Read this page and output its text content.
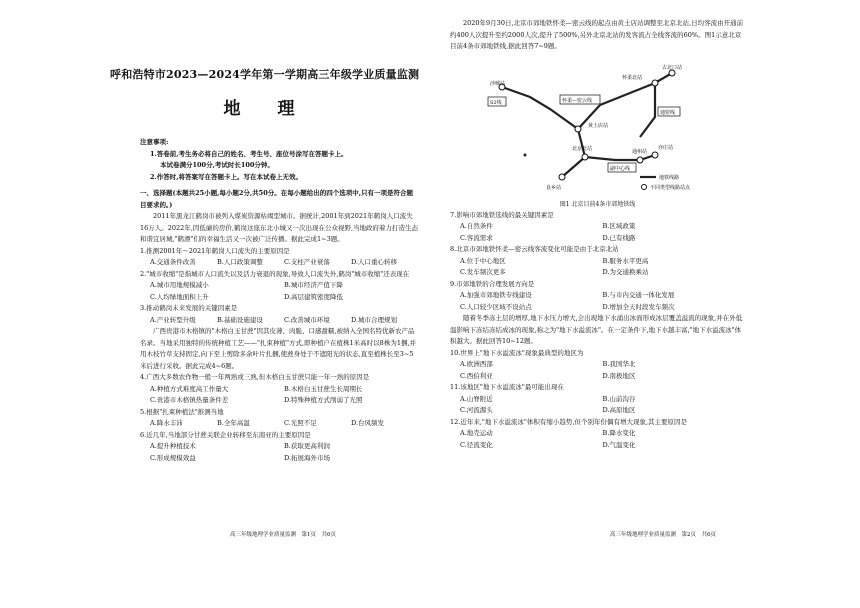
呼和浩特市2023—2024学年第一学期高三年级学业质量监测
地　理

注意事项:

1.答卷前,考生务必将自己的姓名、考生号、座位号涂写在答题卡上。

本试卷满分100分,考试时长100分钟。

2.作答时,将答案写在答题卡上。写在本试卷上无效。

一、选择题(本题共25小题,每小题2分,共50分。在每小题给出的四个选项中,只有一项是符合题目要求的。)

2011年黑龙江鹤岗市被列入煤炭资源枯竭型城市。据统计,2001年到2021年鹤岗人口流失16万人。2022年,因低廉的房价,鹤岗这座东北小城又一次出现在公众视野,当地政府着力打造生态和谐宜居城,"鹤漂"们的幸福生活又一次被广泛传播。据此完成1~3题。

1.推测2001年～2021年鹤岗人口流失的主要原因是

A.交通条件改善	B.人口政策调整	C.支柱产业衰落	D.人口重心转移

2."城市收缩"是指城市人口流失以及活力衰退的现象,导致人口流失外,鹤岗"城市收缩"还表现在

A.城市用地规模减小	B.城市经济产值下降
C.人均绿地面积上升	D.高层建筑密度降低

3.推动鹤岗未来发展的关键因素是

A.产业转型升级	B.基础设施建设	C.改善城市环境	D.城市合理规划

广西贵港市木格镇的"木格白玉甘蔗"因其皮薄、肉脆、口感甜糯,被纳入全国名特优新农产品名录。当地采用独特的传统种植工艺——"扎束种植"方式,即种植户在植株1米高时以8株为1捆,并用木枝竹草支持固定,向下至上剪除多余叶片扎捆,使蔗身处于不遮阳光的状态,直至植株长至3~5米后进行采收。据此完成4~6题。

4.广西大多数农作物一般一年两熟或三熟,但木格白玉甘蔗只能一年一熟的原因是

A.种植方式难度高工作量大	B.木格白玉甘蔗生长周期长
C.贵港市木格镇热量条件差	D.特殊种植方式削弱了光照

5.根据"扎束种植法"推测当地

A.降水丰沛	B.全年高温	C.光照不足	D.台风频发

6.近几年,当地部分甘蔗关联企业转移至东南亚的主要原因是

A.提升种植技术	B.获取更高利润
C.形成规模效益	D.拓展海外市场
高三年级地理学业质量监测　第1页　共6页

2020年9月30日,北京市郊地铁怀柔—密云线的起点由黄土店站调整至北京北站,日均客流由开通前约400人次提升至约2000人次,提升了500%,另外北京北站的发客流占全线客流的60%。图1示意北京目前4条市郊地铁线,据此回答7~9题。

沙城站
S2线	怀柔—密云线
古北口站
怀柔北站
通密线
黄土店站
北京北站	通州站
副中心线
良乡站
亦庄站
地铁线路
不同类型线路站点

图1 北京目前4条市郊地铁线

7.影响市郊地铁选线的最关键因素是

A.自然条件	B.区域政策
C.客流需求	D.已有线路

8.北京市郊地铁怀柔—密云线客流变化可能是由于北京北站

A.位于中心地区	B.服务水平更高
C.发车频次更多	D.为交通换乘站

9.市郊地铁的合理发展方向是

A.加强市郊地铁专线建设	B.与市内交通一体化发展
C.人口较少区域不设站点	D.增加全天时段发车频次

随着冬季冻土层的增厚,地下水压力增大,会出现地下水涌出冰面形成冰层覆盖溢流的现象,并在外低温影响下冻结冻结成冰的现象,称之为"地下水溢流冰"。在一定条件下,地下水越丰富,"地下水溢流冰"体积越大。据此回答10~12题。

10.世界上"地下水溢流冰"现象最典型的地区为

A.欧洲西部	B.我国华北
C.西伯利亚	D.南极地区

11.该地区"地下水溢流冰"最可能出现在

A.山脊附近	B.山前沟谷
C.河流源头	D.高原地区

12.近年来,"地下水溢流冰"体积有缩小趋势,但个别年份偶有增大现象,其主要原因是

A.地壳运动	B.降水变化
C.径流变化	D.气温变化
高三年级地理学业质量监测　第2页　共6页
